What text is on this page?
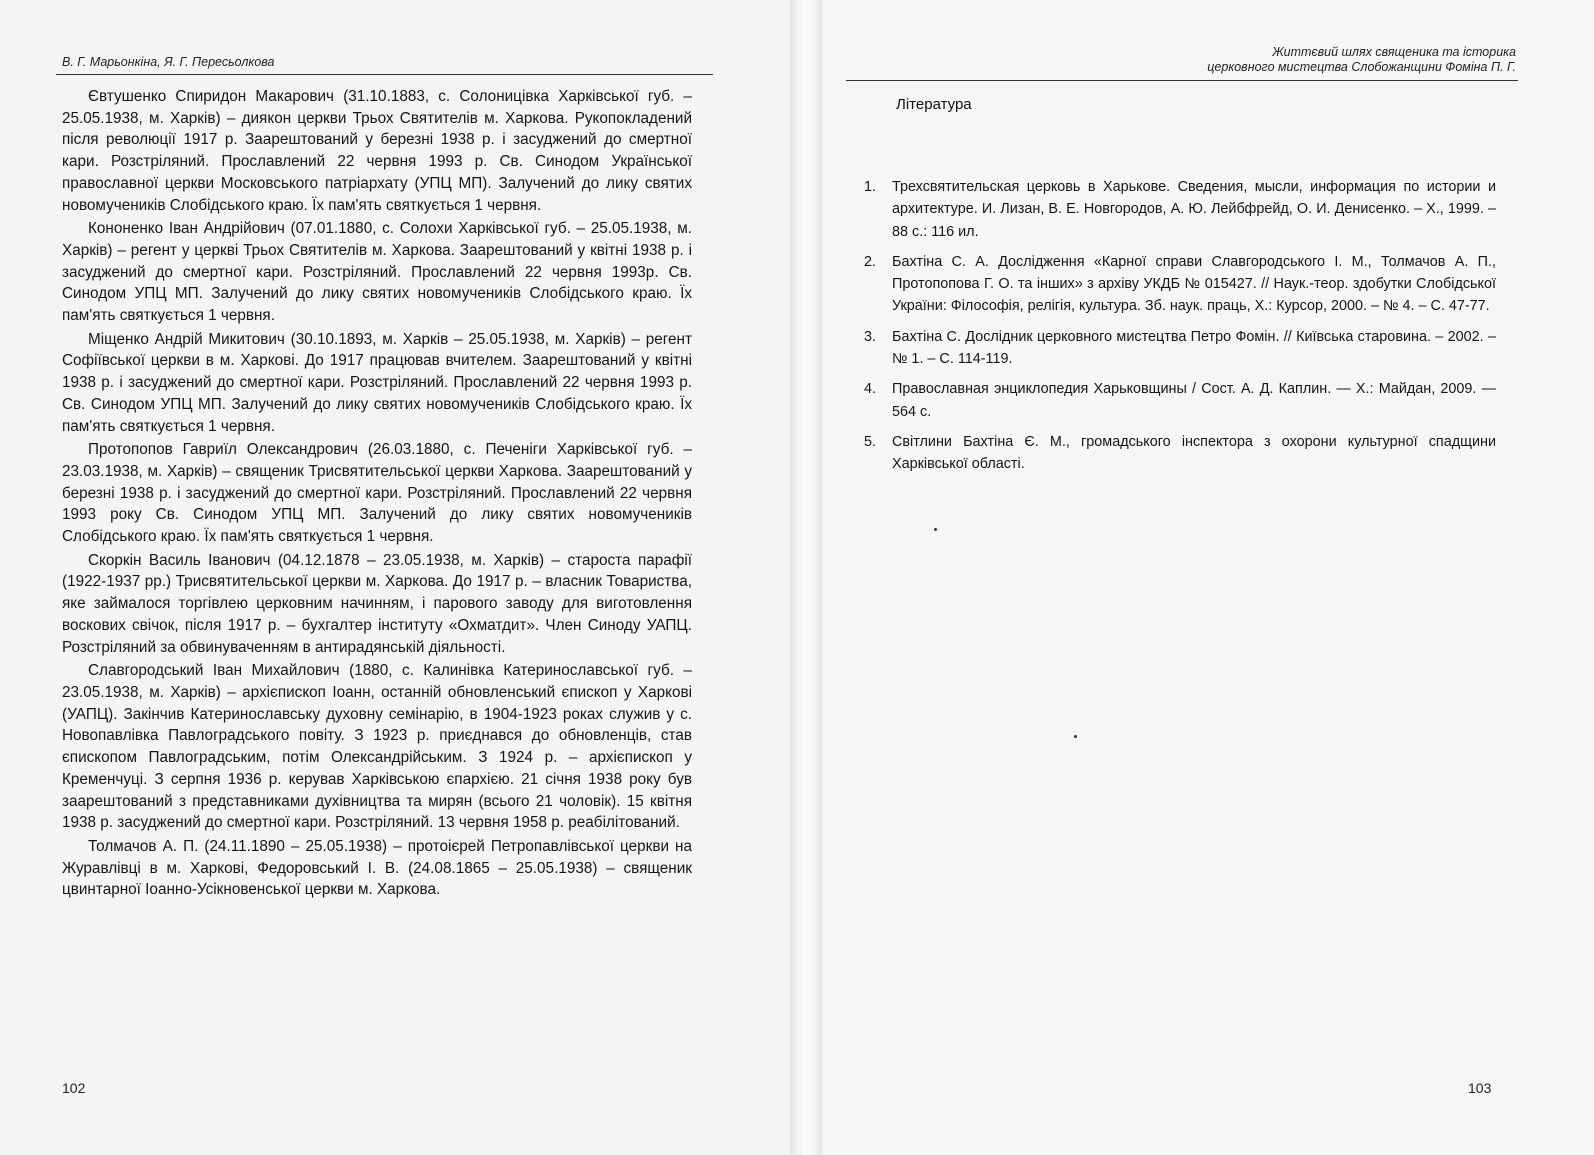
В. Г. Марьонкіна, Я. Г. Пересьолкова

Євтушенко Спиридон Макарович (31.10.1883, с. Солоницівка Харківської губ. – 25.05.1938, м. Харків) – диякон церкви Трьох Святителів м. Харкова. Рукопокладений після революції 1917 р. Заарештований у березні 1938 р. і засуджений до смертної кари. Розстріляний. Прославлений 22 червня 1993 р. Св. Синодом Української православної церкви Московського патріархату (УПЦ МП). Залучений до лику святих новомучеників Слобідського краю. Їх пам'ять святкується 1 червня.

Кононенко Іван Андрійович (07.01.1880, с. Солохи Харківської губ. – 25.05.1938, м. Харків) – регент у церкві Трьох Святителів м. Харкова. Заарештований у квітні 1938 р. і засуджений до смертної кари. Розстріляний. Прославлений 22 червня 1993р. Св. Синодом УПЦ МП. Залучений до лику святих новомучеників Слобідського краю. Їх пам'ять святкується 1 червня.

Міщенко Андрій Микитович (30.10.1893, м. Харків – 25.05.1938, м. Харків) – регент Софіївської церкви в м. Харкові. До 1917 працював вчителем. Заарештований у квітні 1938 р. і засуджений до смертної кари. Розстріляний. Прославлений 22 червня 1993 р. Св. Синодом УПЦ МП. Залучений до лику святих новомучеників Слобідського краю. Їх пам'ять святкується 1 червня.

Протопопов Гавриїл Олександрович (26.03.1880, с. Печеніги Харківської губ. – 23.03.1938, м. Харків) – священик Трисвятительської церкви Харкова. Заарештований у березні 1938 р. і засуджений до смертної кари. Розстріляний. Прославлений 22 червня 1993 року Св. Синодом УПЦ МП. Залучений до лику святих новомучеників Слобідського краю. Їх пам'ять святкується 1 червня.

Скоркін Василь Іванович (04.12.1878 – 23.05.1938, м. Харків) – староста парафії (1922-1937 рр.) Трисвятительської церкви м. Харкова. До 1917 р. – власник Товариства, яке займалося торгівлею церковним начинням, і парового заводу для виготовлення воскових свічок, після 1917 р. – бухгалтер інституту «Охматдит». Член Синоду УАПЦ. Розстріляний за обвинуваченням в антирадянській діяльності.

Славгородський Іван Михайлович (1880, с. Калинівка Катеринославської губ. – 23.05.1938, м. Харків) – архієпископ Іоанн, останній обновленський єпископ у Харкові (УАПЦ). Закінчив Катеринославську духовну семінарію, в 1904-1923 роках служив у с. Новопавлівка Павлоградського повіту. З 1923 р. приєднався до обновленців, став єпископом Павлоградським, потім Олександрійським. З 1924 р. – архієпископ у Кременчуці. З серпня 1936 р. керував Харківською єпархією. 21 січня 1938 року був заарештований з представниками духівництва та мирян (всього 21 чоловік). 15 квітня 1938 р. засуджений до смертної кари. Розстріляний. 13 червня 1958 р. реабілітований.

Толмачов А. П. (24.11.1890 – 25.05.1938) – протоієрей Петропавлівської церкви на Журавлівці в м. Харкові, Федоровський І. В. (24.08.1865 – 25.05.1938) – священик цвинтарної Іоанно-Усікновенської церкви м. Харкова.

102
Життєвий шлях священика та історика
церковного мистецтва Слобожанщини Фоміна П. Г.
Література
1. Трехсвятительская церковь в Харькове. Сведения, мысли, информация по истории и архитектуре. И. Лизан, В. Е. Новгородов, А. Ю. Лейбфрейд, О. И. Денисенко. – Х., 1999. – 88 с.: 116 ил.
2. Бахтіна С. А. Дослідження «Карної справи Славгородського І. М., Толмачов А. П., Протопопова Г. О. та інших» з архіву УКДБ № 015427. // Наук.-теор. здобутки Слобідської України: Філософія, релігія, культура. Зб. наук. праць, Х.: Курсор, 2000. – № 4. – С. 47-77.
3. Бахтіна С. Дослідник церковного мистецтва Петро Фомін. // Київська старовина. – 2002. – № 1. – С. 114-119.
4. Православная энциклопедия Харьковщины / Сост. А. Д. Каплин. — Х.: Майдан, 2009. — 564 с.
5. Світлини Бахтіна Є. М., громадського інспектора з охорони культурної спадщини Харківської області.
103
